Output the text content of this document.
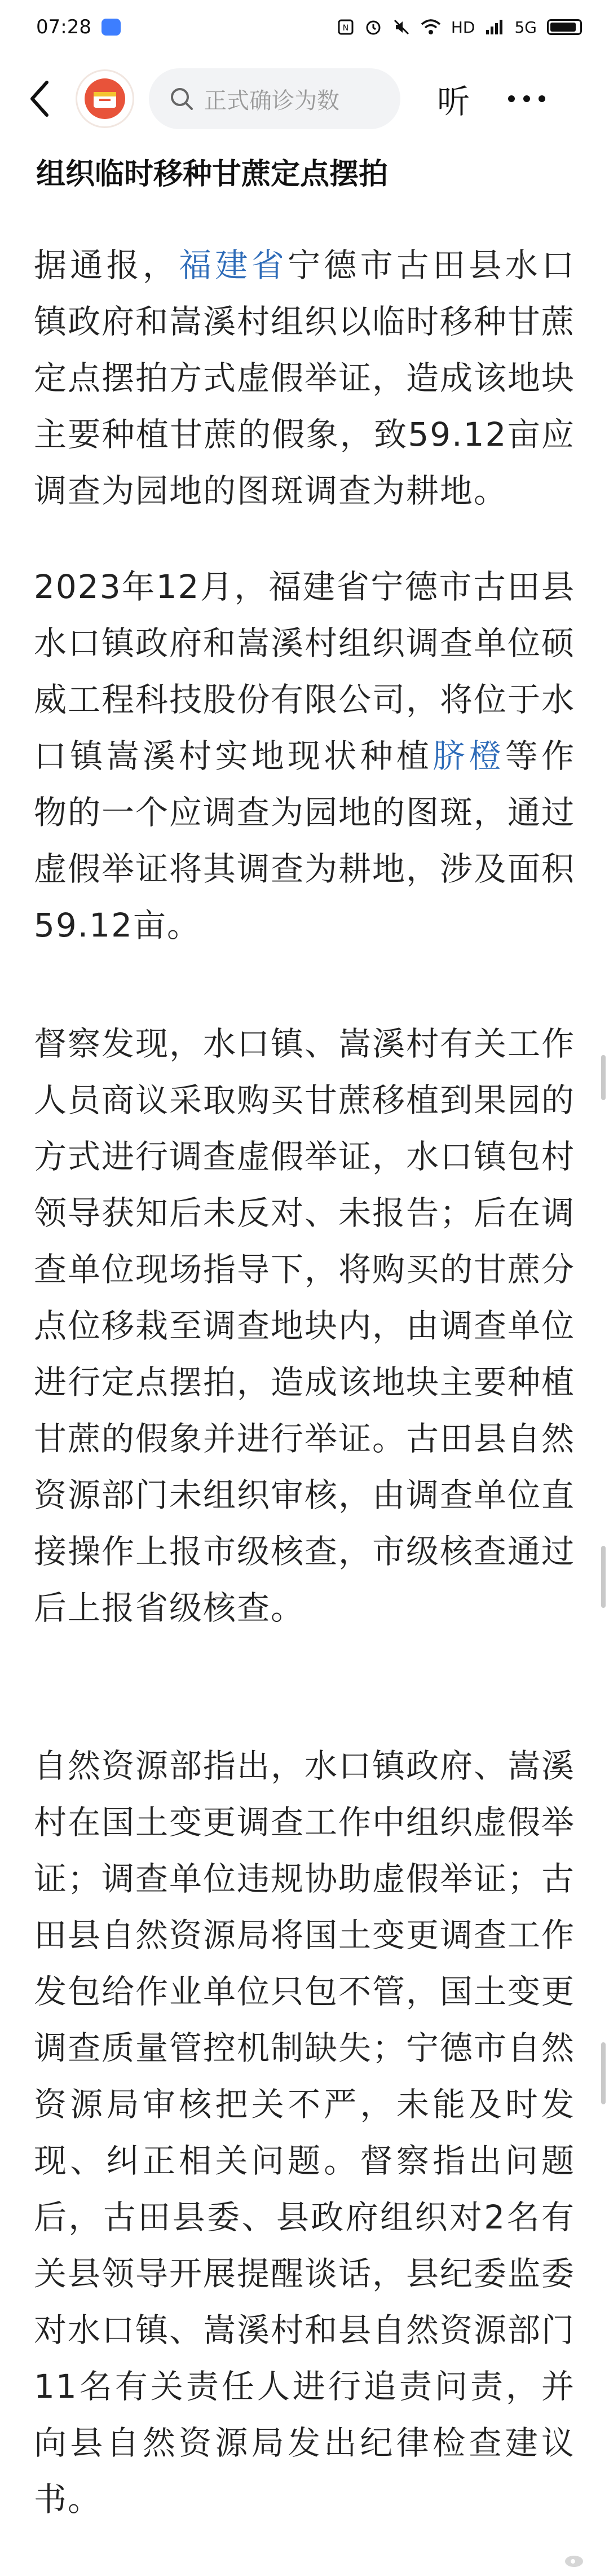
07:28	N	HD	5G
正式确诊为数	听
组织临时移种甘蔗定点摆拍

据通报，福建省宁德市古田县水口镇政府和嵩溪村组织以临时移种甘蔗定点摆拍方式虚假举证，造成该地块主要种植甘蔗的假象，致59.12亩应调查为园地的图斑调查为耕地。

2023年12月，福建省宁德市古田县水口镇政府和嵩溪村组织调查单位硕威工程科技股份有限公司，将位于水口镇嵩溪村实地现状种植脐橙等作物的一个应调查为园地的图斑，通过虚假举证将其调查为耕地，涉及面积59.12亩。

督察发现，水口镇、嵩溪村有关工作人员商议采取购买甘蔗移植到果园的方式进行调查虚假举证，水口镇包村领导获知后未反对、未报告；后在调查单位现场指导下，将购买的甘蔗分点位移栽至调查地块内，由调查单位进行定点摆拍，造成该地块主要种植甘蔗的假象并进行举证。古田县自然资源部门未组织审核，由调查单位直接操作上报市级核查，市级核查通过后上报省级核查。

自然资源部指出，水口镇政府、嵩溪村在国土变更调查工作中组织虚假举证；调查单位违规协助虚假举证；古田县自然资源局将国土变更调查工作发包给作业单位只包不管，国土变更调查质量管控机制缺失；宁德市自然资源局审核把关不严，未能及时发现、纠正相关问题。督察指出问题后，古田县委、县政府组织对2名有关县领导开展提醒谈话，县纪委监委对水口镇、嵩溪村和县自然资源部门11名有关责任人进行追责问责，并向县自然资源局发出纪律检查建议书。
